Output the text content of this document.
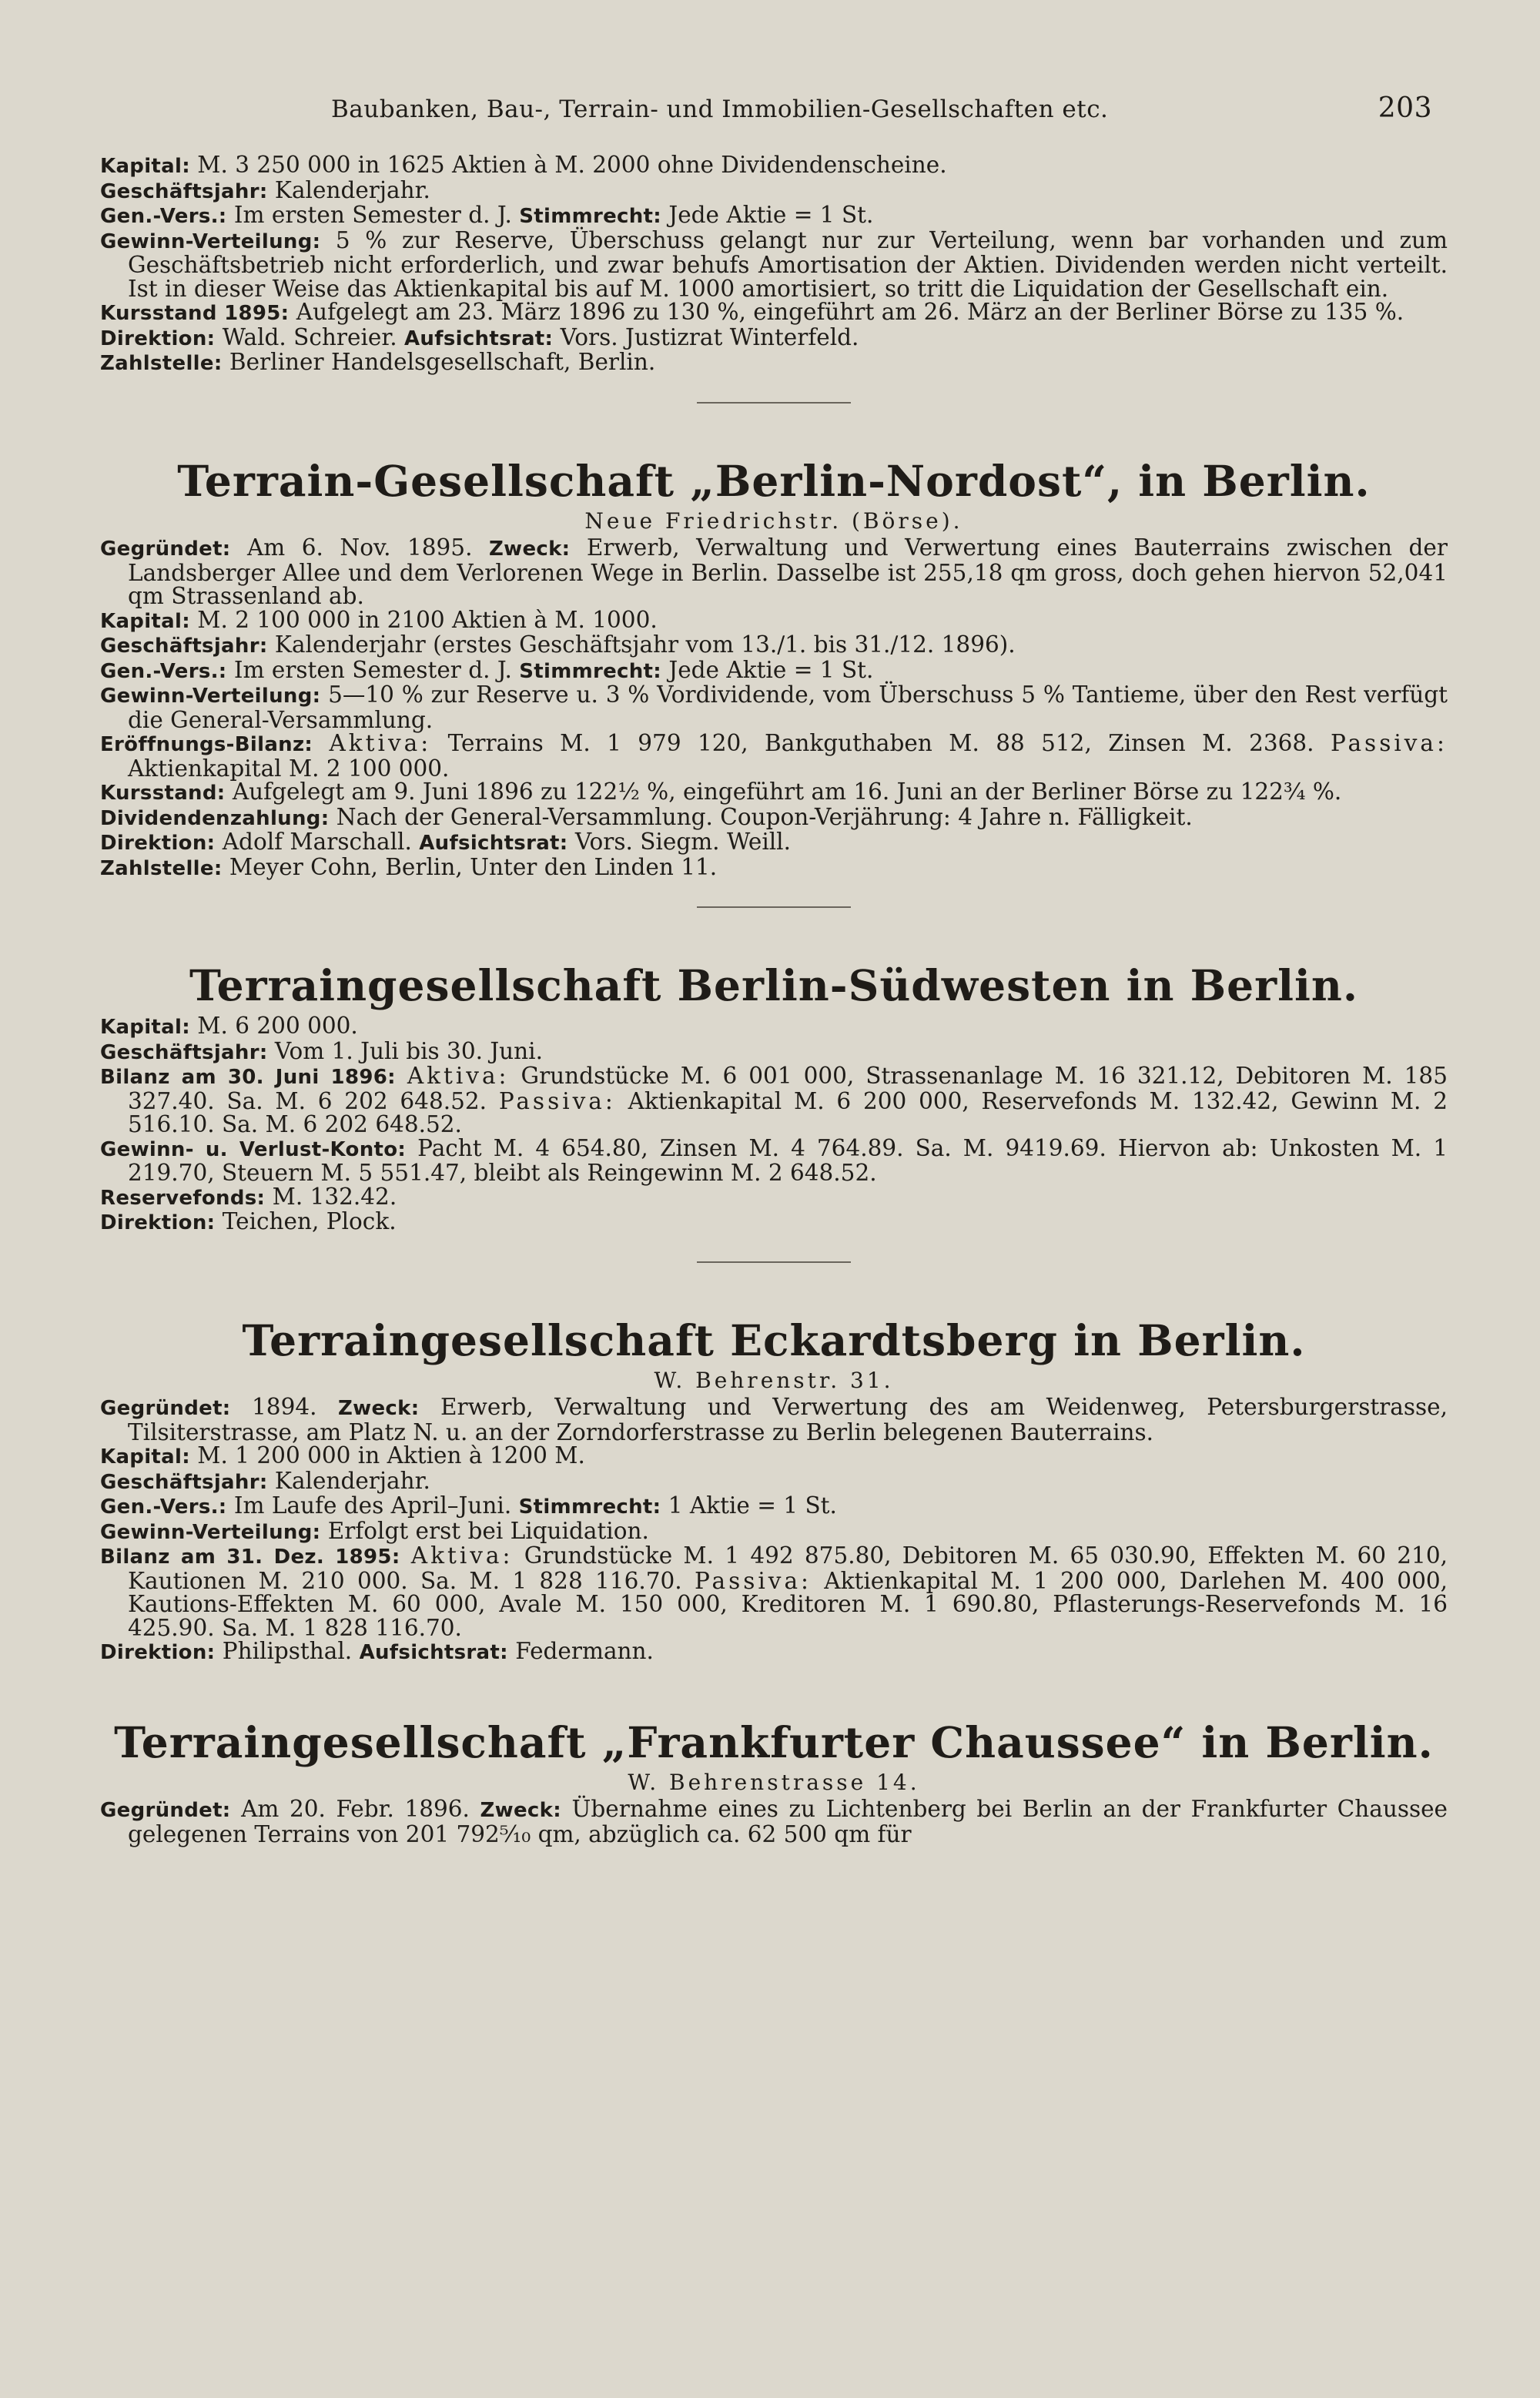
Baubanken, Bau-, Terrain- und Immobilien-Gesellschaften etc.	203

Kapital: M. 3 250 000 in 1625 Aktien à M. 2000 ohne Dividendenscheine.

Geschäftsjahr: Kalenderjahr.

Gen.-Vers.: Im ersten Semester d. J. Stimmrecht: Jede Aktie = 1 St.

Gewinn-Verteilung: 5 % zur Reserve, Überschuss gelangt nur zur Verteilung, wenn bar vorhanden und zum Geschäftsbetrieb nicht erforderlich, und zwar behufs Amortisation der Aktien. Dividenden werden nicht verteilt. Ist in dieser Weise das Aktienkapital bis auf M. 1000 amortisiert, so tritt die Liquidation der Gesellschaft ein.

Kursstand 1895: Aufgelegt am 23. März 1896 zu 130 %, eingeführt am 26. März an der Berliner Börse zu 135 %.

Direktion: Wald. Schreier. Aufsichtsrat: Vors. Justizrat Winterfeld.

Zahlstelle: Berliner Handelsgesellschaft, Berlin.

Terrain-Gesellschaft „Berlin-Nordost“, in Berlin.

Neue Friedrichstr. (Börse).

Gegründet: Am 6. Nov. 1895. Zweck: Erwerb, Verwaltung und Verwertung eines Bauterrains zwischen der Landsberger Allee und dem Verlorenen Wege in Berlin. Dasselbe ist 255,18 qm gross, doch gehen hiervon 52,041 qm Strassenland ab.

Kapital: M. 2 100 000 in 2100 Aktien à M. 1000.

Geschäftsjahr: Kalenderjahr (erstes Geschäftsjahr vom 13./1. bis 31./12. 1896).

Gen.-Vers.: Im ersten Semester d. J. Stimmrecht: Jede Aktie = 1 St.

Gewinn-Verteilung: 5—10 % zur Reserve u. 3 % Vordividende, vom Überschuss 5 % Tantieme, über den Rest verfügt die General-Versammlung.

Eröffnungs-Bilanz: Aktiva: Terrains M. 1 979 120, Bankguthaben M. 88 512, Zinsen M. 2368. Passiva: Aktienkapital M. 2 100 000.

Kursstand: Aufgelegt am 9. Juni 1896 zu 122½ %, eingeführt am 16. Juni an der Berliner Börse zu 122¾ %.

Dividendenzahlung: Nach der General-Versammlung. Coupon-Verjährung: 4 Jahre n. Fälligkeit.

Direktion: Adolf Marschall. Aufsichtsrat: Vors. Siegm. Weill.

Zahlstelle: Meyer Cohn, Berlin, Unter den Linden 11.

Terraingesellschaft Berlin-Südwesten in Berlin.

Kapital: M. 6 200 000.

Geschäftsjahr: Vom 1. Juli bis 30. Juni.

Bilanz am 30. Juni 1896: Aktiva: Grundstücke M. 6 001 000, Strassenanlage M. 16 321.12, Debitoren M. 185 327.40. Sa. M. 6 202 648.52. Passiva: Aktienkapital M. 6 200 000, Reservefonds M. 132.42, Gewinn M. 2 516.10. Sa. M. 6 202 648.52.

Gewinn- u. Verlust-Konto: Pacht M. 4 654.80, Zinsen M. 4 764.89. Sa. M. 9419.69. Hiervon ab: Unkosten M. 1 219.70, Steuern M. 5 551.47, bleibt als Reingewinn M. 2 648.52.

Reservefonds: M. 132.42.

Direktion: Teichen, Plock.

Terraingesellschaft Eckardtsberg in Berlin.

W. Behrenstr. 31.

Gegründet: 1894. Zweck: Erwerb, Verwaltung und Verwertung des am Weidenweg, Petersburgerstrasse, Tilsiterstrasse, am Platz N. u. an der Zorndorferstrasse zu Berlin belegenen Bauterrains.

Kapital: M. 1 200 000 in Aktien à 1200 M.

Geschäftsjahr: Kalenderjahr.

Gen.-Vers.: Im Laufe des April–Juni. Stimmrecht: 1 Aktie = 1 St.

Gewinn-Verteilung: Erfolgt erst bei Liquidation.

Bilanz am 31. Dez. 1895: Aktiva: Grundstücke M. 1 492 875.80, Debitoren M. 65 030.90, Effekten M. 60 210, Kautionen M. 210 000. Sa. M. 1 828 116.70. Passiva: Aktienkapital M. 1 200 000, Darlehen M. 400 000, Kautions-Effekten M. 60 000, Avale M. 150 000, Kreditoren M. 1 690.80, Pflasterungs-Reservefonds M. 16 425.90. Sa. M. 1 828 116.70.

Direktion: Philipsthal. Aufsichtsrat: Federmann.

Terraingesellschaft „Frankfurter Chaussee“ in Berlin.

W. Behrenstrasse 14.

Gegründet: Am 20. Febr. 1896. Zweck: Übernahme eines zu Lichtenberg bei Berlin an der Frankfurter Chaussee gelegenen Terrains von 201 792⁵⁄₁₀ qm, abzüglich ca. 62 500 qm für
